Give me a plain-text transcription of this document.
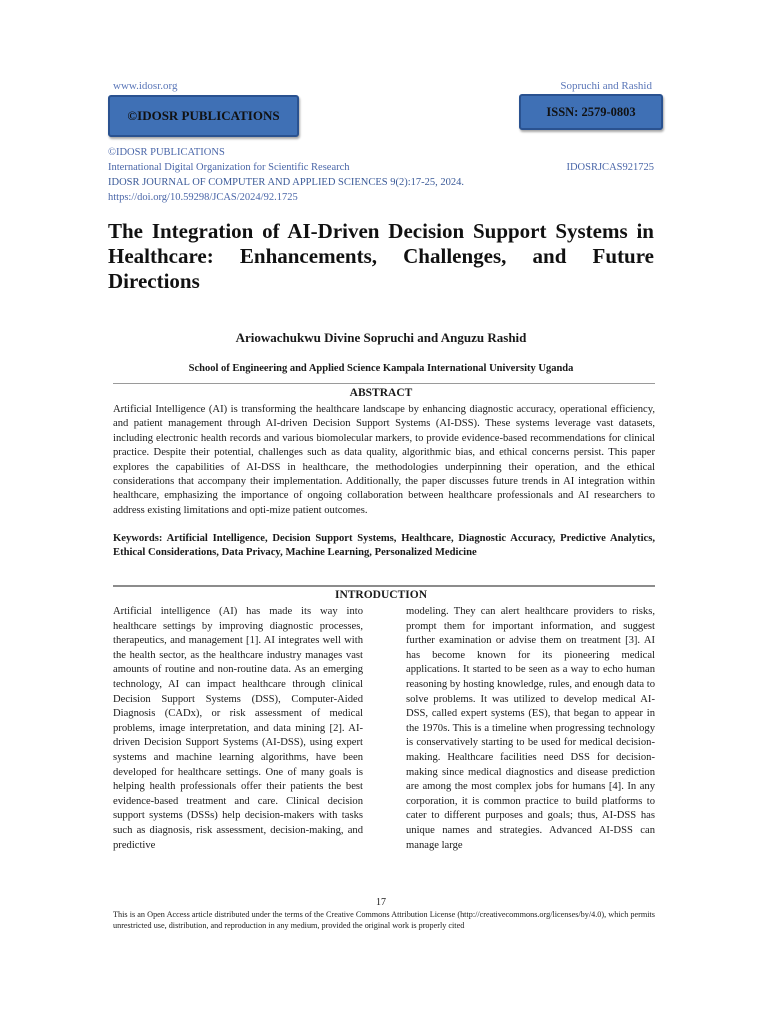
www.idosr.org	Sopruchi and Rashid
©IDOSR PUBLICATIONS	ISSN: 2579-0803
©IDOSR PUBLICATIONS
International Digital Organization for Scientific Research	IDOSRJCAS921725
IDOSR JOURNAL OF COMPUTER AND APPLIED SCIENCES 9(2):17-25, 2024.
https://doi.org/10.59298/JCAS/2024/92.1725
The Integration of AI-Driven Decision Support Systems in Healthcare: Enhancements, Challenges, and Future Directions
Ariowachukwu Divine Sopruchi and Anguzu Rashid
School of Engineering and Applied Science Kampala International University Uganda
ABSTRACT

Artificial Intelligence (AI) is transforming the healthcare landscape by enhancing diagnostic accuracy, operational efficiency, and patient management through AI-driven Decision Support Systems (AI-DSS). These systems leverage vast datasets, including electronic health records and various biomolecular markers, to provide evidence-based recommendations for clinical practice. Despite their potential, challenges such as data quality, algorithmic bias, and ethical concerns persist. This paper explores the capabilities of AI-DSS in healthcare, the methodologies underpinning their operation, and the ethical considerations that accompany their implementation. Additionally, the paper discusses future trends in AI integration within healthcare, emphasizing the importance of ongoing collaboration between healthcare professionals and AI researchers to address existing limitations and opti-mize patient outcomes.

Keywords: Artificial Intelligence, Decision Support Systems, Healthcare, Diagnostic Accuracy, Predictive Analytics, Ethical Considerations, Data Privacy, Machine Learning, Personalized Medicine

INTRODUCTION

Artificial intelligence (AI) has made its way into healthcare settings by improving diagnostic processes, therapeutics, and management [1]. AI integrates well with the health sector, as the healthcare industry manages vast amounts of routine and non-routine data. As an emerging technology, AI can impact healthcare through clinical Decision Support Systems (DSS), Computer-Aided Diagnosis (CADx), or risk assessment of medical problems, image interpretation, and data mining [2]. AI-driven Decision Support Systems (AI-DSS), using expert systems and machine learning algorithms, have been developed for healthcare settings. One of many goals is helping health professionals offer their patients the best evidence-based treatment and care. Clinical decision support systems (DSSs) help decision-makers with tasks such as diagnosis, risk assessment, decision-making, and predictive

modeling. They can alert healthcare providers to risks, prompt them for important information, and suggest further examination or advise them on treatment [3]. AI has become known for its pioneering medical applications. It started to be seen as a way to echo human reasoning by hosting knowledge, rules, and enough data to solve problems. It was utilized to develop medical AI-DSS, called expert systems (ES), that began to appear in the 1970s. This is a timeline when progressing technology is conservatively starting to be used for medical decision-making. Healthcare facilities need DSS for decision-making since medical diagnostics and disease prediction are among the most complex jobs for humans [4]. In any corporation, it is common practice to build platforms to cater to different purposes and goals; thus, AI-DSS has unique names and strategies. Advanced AI-DSS can manage large

17
This is an Open Access article distributed under the terms of the Creative Commons Attribution License (http://creativecommons.org/licenses/by/4.0), which permits unrestricted use, distribution, and reproduction in any medium, provided the original work is properly cited
